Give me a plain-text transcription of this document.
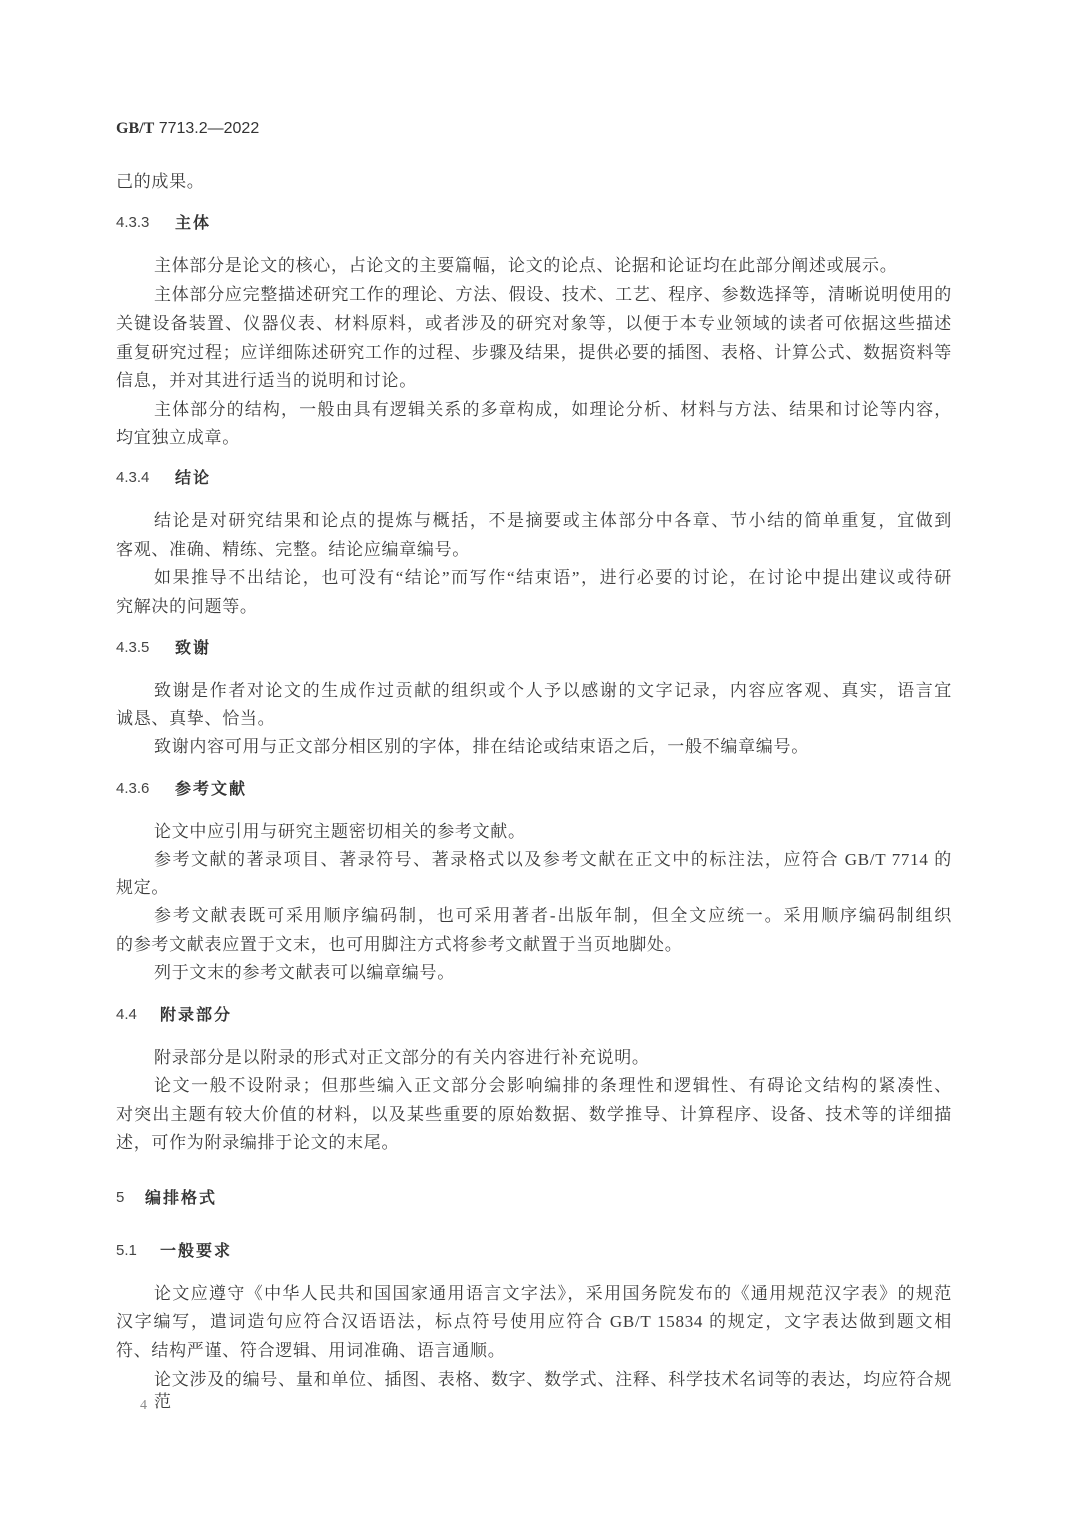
GB/T 7713.2—2022
己的成果。
4.3.3 主体
主体部分是论文的核心，占论文的主要篇幅，论文的论点、论据和论证均在此部分阐述或展示。
主体部分应完整描述研究工作的理论、方法、假设、技术、工艺、程序、参数选择等，清晰说明使用的
关键设备装置、仪器仪表、材料原料，或者涉及的研究对象等，以便于本专业领域的读者可依据这些描述
重复研究过程；应详细陈述研究工作的过程、步骤及结果，提供必要的插图、表格、计算公式、数据资料等
信息，并对其进行适当的说明和讨论。
主体部分的结构，一般由具有逻辑关系的多章构成，如理论分析、材料与方法、结果和讨论等内容，
均宜独立成章。
4.3.4 结论
结论是对研究结果和论点的提炼与概括，不是摘要或主体部分中各章、节小结的简单重复，宜做到
客观、准确、精练、完整。结论应编章编号。
如果推导不出结论，也可没有“结论”而写作“结束语”，进行必要的讨论，在讨论中提出建议或待研
究解决的问题等。
4.3.5 致谢
致谢是作者对论文的生成作过贡献的组织或个人予以感谢的文字记录，内容应客观、真实，语言宜
诚恳、真挚、恰当。
致谢内容可用与正文部分相区别的字体，排在结论或结束语之后，一般不编章编号。
4.3.6 参考文献
论文中应引用与研究主题密切相关的参考文献。
参考文献的著录项目、著录符号、著录格式以及参考文献在正文中的标注法，应符合 GB/T 7714 的
规定。
参考文献表既可采用顺序编码制，也可采用著者-出版年制，但全文应统一。采用顺序编码制组织
的参考文献表应置于文末，也可用脚注方式将参考文献置于当页地脚处。
列于文末的参考文献表可以编章编号。
4.4 附录部分
附录部分是以附录的形式对正文部分的有关内容进行补充说明。
论文一般不设附录；但那些编入正文部分会影响编排的条理性和逻辑性、有碍论文结构的紧凑性、
对突出主题有较大价值的材料，以及某些重要的原始数据、数学推导、计算程序、设备、技术等的详细描
述，可作为附录编排于论文的末尾。
5 编排格式
5.1 一般要求
论文应遵守《中华人民共和国国家通用语言文字法》，采用国务院发布的《通用规范汉字表》的规范
汉字编写，遣词造句应符合汉语语法，标点符号使用应符合 GB/T 15834 的规定，文字表达做到题文相
符、结构严谨、符合逻辑、用词准确、语言通顺。
论文涉及的编号、量和单位、插图、表格、数字、数学式、注释、科学技术名词等的表达，均应符合规范
4
